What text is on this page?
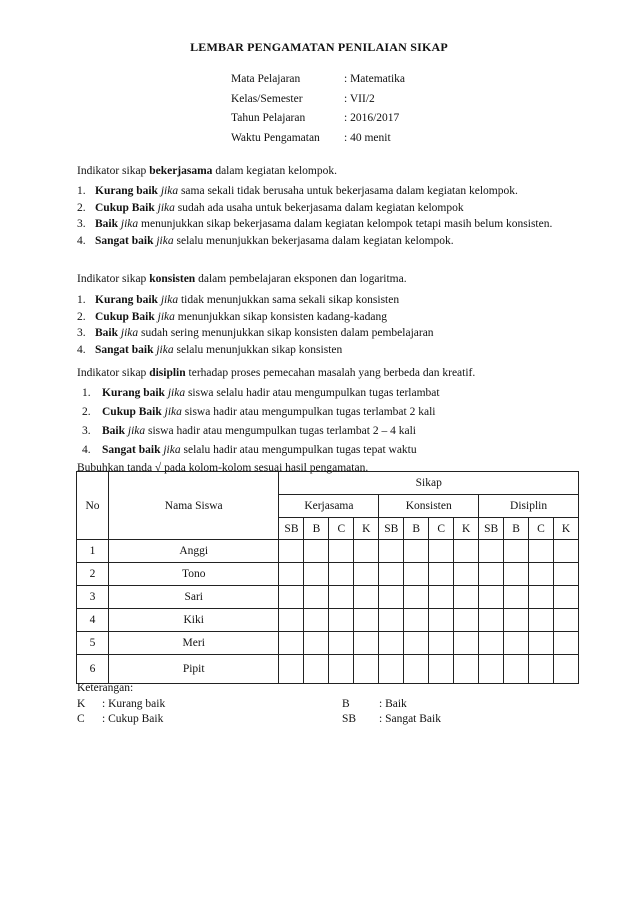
LEMBAR PENGAMATAN PENILAIAN SIKAP
Mata Pelajaran	: Matematika
Kelas/Semester	: VII/2
Tahun Pelajaran	: 2016/2017
Waktu Pengamatan : 40 menit
Indikator sikap bekerjasama dalam kegiatan kelompok.
1. Kurang baik jika sama sekali tidak berusaha untuk bekerjasama dalam kegiatan kelompok.
2. Cukup Baik jika sudah ada usaha untuk bekerjasama dalam kegiatan kelompok
3. Baik jika menunjukkan sikap bekerjasama dalam kegiatan kelompok tetapi masih belum konsisten.
4. Sangat baik jika selalu menunjukkan bekerjasama dalam kegiatan kelompok.
Indikator sikap konsisten dalam pembelajaran eksponen dan logaritma.
1. Kurang baik jika tidak menunjukkan sama sekali sikap konsisten
2. Cukup Baik jika menunjukkan sikap konsisten kadang-kadang
3. Baik jika sudah sering menunjukkan sikap konsisten dalam pembelajaran
4. Sangat baik jika selalu menunjukkan sikap konsisten
Indikator sikap disiplin terhadap proses pemecahan masalah yang berbeda dan kreatif.
1. Kurang baik jika siswa selalu hadir atau mengumpulkan tugas terlambat
2. Cukup Baik jika siswa hadir atau mengumpulkan tugas terlambat 2 kali
3. Baik jika siswa hadir atau mengumpulkan tugas terlambat 2 – 4 kali
4. Sangat baik jika selalu hadir atau mengumpulkan tugas tepat waktu
Bubuhkan tanda √ pada kolom-kolom sesuai hasil pengamatan.
No	Nama Siswa	Sikap											
		Kerjasama				Konsisten				Disiplin			
		SB	B	C	K	SB	B	C	K	SB	B	C	K
1	Anggi												
2	Tono												
3	Sari												
4	Kiki												
5	Meri												
6	Pipit												
Keterangan:
K	: Kurang baik	B	: Baik
C	: Cukup Baik	SB	: Sangat Baik
